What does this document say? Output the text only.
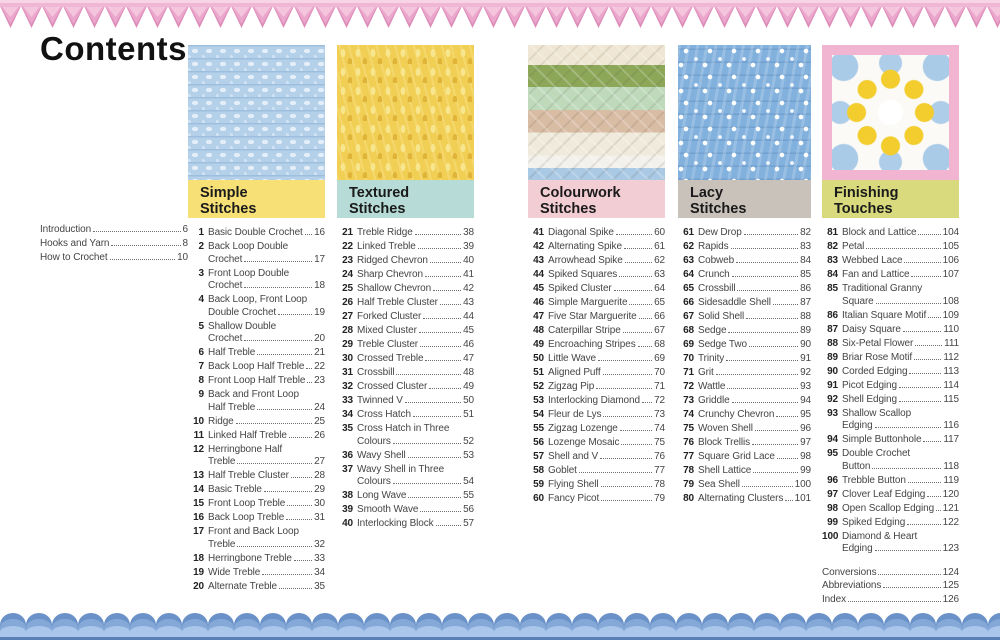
Contents
Introduction	6
Hooks and Yarn	8
How to Crochet	10
Simple
Stitches
1 Basic Double Crochet 16
2 Back Loop Double
Crochet	17
3 Front Loop Double
Crochet	18
4 Back Loop, Front Loop
Double Crochet	19
5 Shallow Double
Crochet	20
6 Half Treble	21
7 Back Loop Half Treble 22
8 Front Loop Half Treble 23
9 Back and Front Loop
Half Treble	24
10 Ridge	25
11 Linked Half Treble	26
12 Herringbone Half
Treble	27
13 Half Treble Cluster	28
14 Basic Treble	29
15 Front Loop Treble	30
16 Back Loop Treble	31
17 Front and Back Loop
Treble	32
18 Herringbone Treble 33
19 Wide Treble	34
20 Alternate Treble	35
Textured
Stitches
21 Treble Ridge	38
22 Linked Treble	39
23 Ridged Chevron	40
24 Sharp Chevron	41
25 Shallow Chevron	42
26 Half Treble Cluster	43
27 Forked Cluster	44
28 Mixed Cluster	45
29 Treble Cluster	46
30 Crossed Treble	47
31 Crossbill	48
32 Crossed Cluster	49
33 Twinned V	50
34 Cross Hatch	51
35 Cross Hatch in Three
Colours	52
36 Wavy Shell	53
37 Wavy Shell in Three
Colours	54
38 Long Wave	55
39 Smooth Wave	56
40 Interlocking Block	57
Colourwork
Stitches
41 Diagonal Spike	60
42 Alternating Spike	61
43 Arrowhead Spike	62
44 Spiked Squares	63
45 Spiked Cluster	64
46 Simple Marguerite	65
47 Five Star Marguerite 66
48 Caterpillar Stripe	67
49 Encroaching Stripes 68
50 Little Wave	69
51 Aligned Puff	70
52 Zigzag Pip	71
53 Interlocking Diamond 72
54 Fleur de Lys	73
55 Zigzag Lozenge	74
56 Lozenge Mosaic	75
57 Shell and V	76
58 Goblet	77
59 Flying Shell	78
60 Fancy Picot	79
Lacy
Stitches
61 Dew Drop	82
62 Rapids	83
63 Cobweb	84
64 Crunch	85
65 Crossbill	86
66 Sidesaddle Shell	87
67 Solid Shell	88
68 Sedge	89
69 Sedge Two	90
70 Trinity	91
71 Grit	92
72 Wattle	93
73 Griddle	94
74 Crunchy Chevron	95
75 Woven Shell	96
76 Block Trellis	97
77 Square Grid Lace	98
78 Shell Lattice	99
79 Sea Shell	100
80 Alternating Clusters 101
Finishing
Touches
81 Block and Lattice	104
82 Petal	105
83 Webbed Lace	106
84 Fan and Lattice	107
85 Traditional Granny
Square	108
86 Italian Square Motif 109
87 Daisy Square	110
88 Six-Petal Flower	111
89 Briar Rose Motif	112
90 Corded Edging	113
91 Picot Edging	114
92 Shell Edging	115
93 Shallow Scallop
Edging	116
94 Simple Buttonhole 117
95 Double Crochet
Button	118
96 Trebble Button	119
97 Clover Leaf Edging 120
98 Open Scallop Edging 121
99 Spiked Edging	122
100 Diamond & Heart
Edging	123
Conversions	124
Abbreviations	125
Index	126
